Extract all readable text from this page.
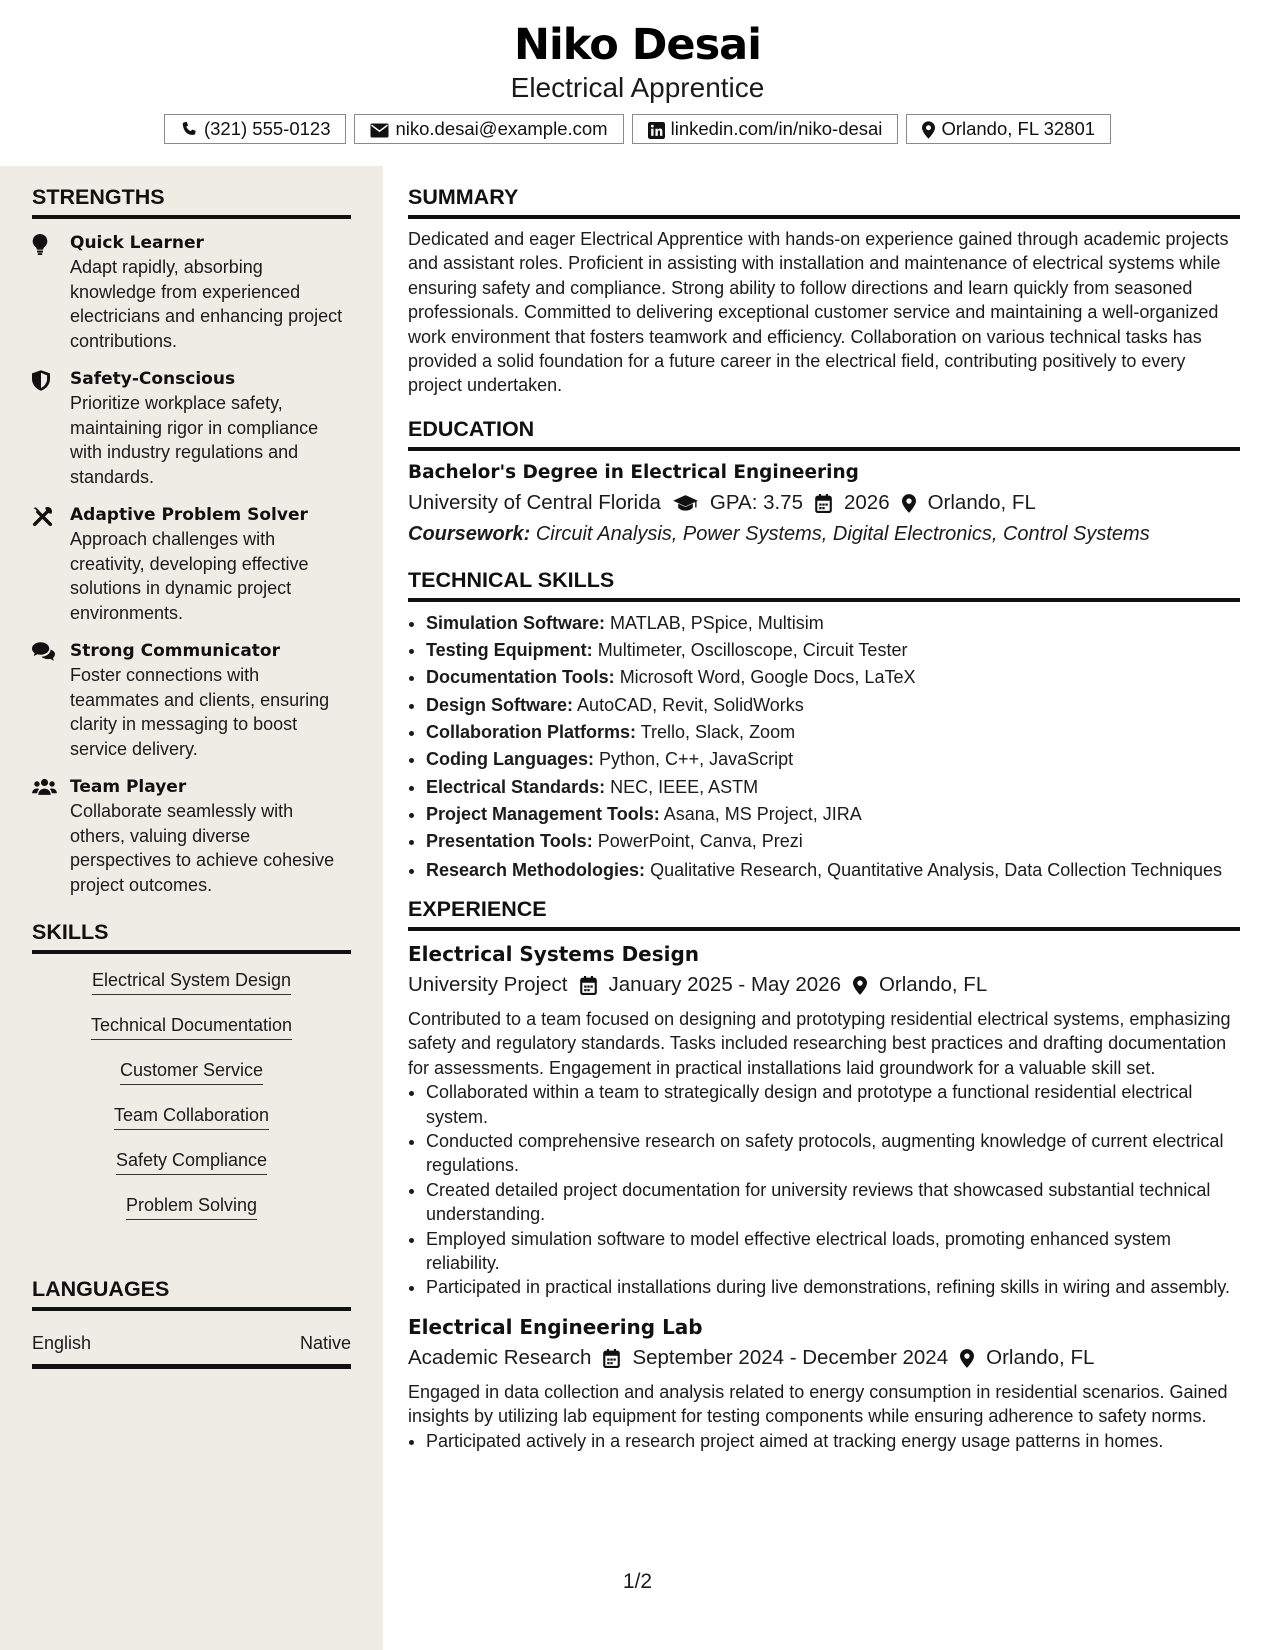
Niko Desai
Electrical Apprentice
(321) 555-0123	niko.desai@example.com	linkedin.com/in/niko-desai	Orlando, FL 32801
STRENGTHS
Quick Learner
Adapt rapidly, absorbing knowledge from experienced electricians and enhancing project contributions.
Safety-Conscious
Prioritize workplace safety, maintaining rigor in compliance with industry regulations and standards.
Adaptive Problem Solver
Approach challenges with creativity, developing effective solutions in dynamic project environments.
Strong Communicator
Foster connections with teammates and clients, ensuring clarity in messaging to boost service delivery.
Team Player
Collaborate seamlessly with others, valuing diverse perspectives to achieve cohesive project outcomes.
SKILLS
Electrical System Design
Technical Documentation
Customer Service
Team Collaboration
Safety Compliance
Problem Solving
LANGUAGES
English	Native
SUMMARY

Dedicated and eager Electrical Apprentice with hands-on experience gained through academic projects and assistant roles. Proficient in assisting with installation and maintenance of electrical systems while ensuring safety and compliance. Strong ability to follow directions and learn quickly from seasoned professionals. Committed to delivering exceptional customer service and maintaining a well-organized work environment that fosters teamwork and efficiency. Collaboration on various technical tasks has provided a solid foundation for a future career in the electrical field, contributing positively to every project undertaken.

EDUCATION
Bachelor's Degree in Electrical Engineering
University of Central Florida GPA: 3.75 2026 Orlando, FL
Coursework: Circuit Analysis, Power Systems, Digital Electronics, Control Systems
TECHNICAL SKILLS
• Simulation Software: MATLAB, PSpice, Multisim
• Testing Equipment: Multimeter, Oscilloscope, Circuit Tester
• Documentation Tools: Microsoft Word, Google Docs, LaTeX
• Design Software: AutoCAD, Revit, SolidWorks
• Collaboration Platforms: Trello, Slack, Zoom
• Coding Languages: Python, C++, JavaScript
• Electrical Standards: NEC, IEEE, ASTM
• Project Management Tools: Asana, MS Project, JIRA
• Presentation Tools: PowerPoint, Canva, Prezi
• Research Methodologies: Qualitative Research, Quantitative Analysis, Data Collection Techniques
EXPERIENCE
Electrical Systems Design
University Project January 2025 - May 2026 Orlando, FL

Contributed to a team focused on designing and prototyping residential electrical systems, emphasizing safety and regulatory standards. Tasks included researching best practices and drafting documentation for assessments. Engagement in practical installations laid groundwork for a valuable skill set.

• Collaborated within a team to strategically design and prototype a functional residential electrical system.
• Conducted comprehensive research on safety protocols, augmenting knowledge of current electrical regulations.
• Created detailed project documentation for university reviews that showcased substantial technical understanding.
• Employed simulation software to model effective electrical loads, promoting enhanced system reliability.
• Participated in practical installations during live demonstrations, refining skills in wiring and assembly.
Electrical Engineering Lab
Academic Research September 2024 - December 2024 Orlando, FL

Engaged in data collection and analysis related to energy consumption in residential scenarios. Gained insights by utilizing lab equipment for testing components while ensuring adherence to safety norms.

• Participated actively in a research project aimed at tracking energy usage patterns in homes.
1/2
